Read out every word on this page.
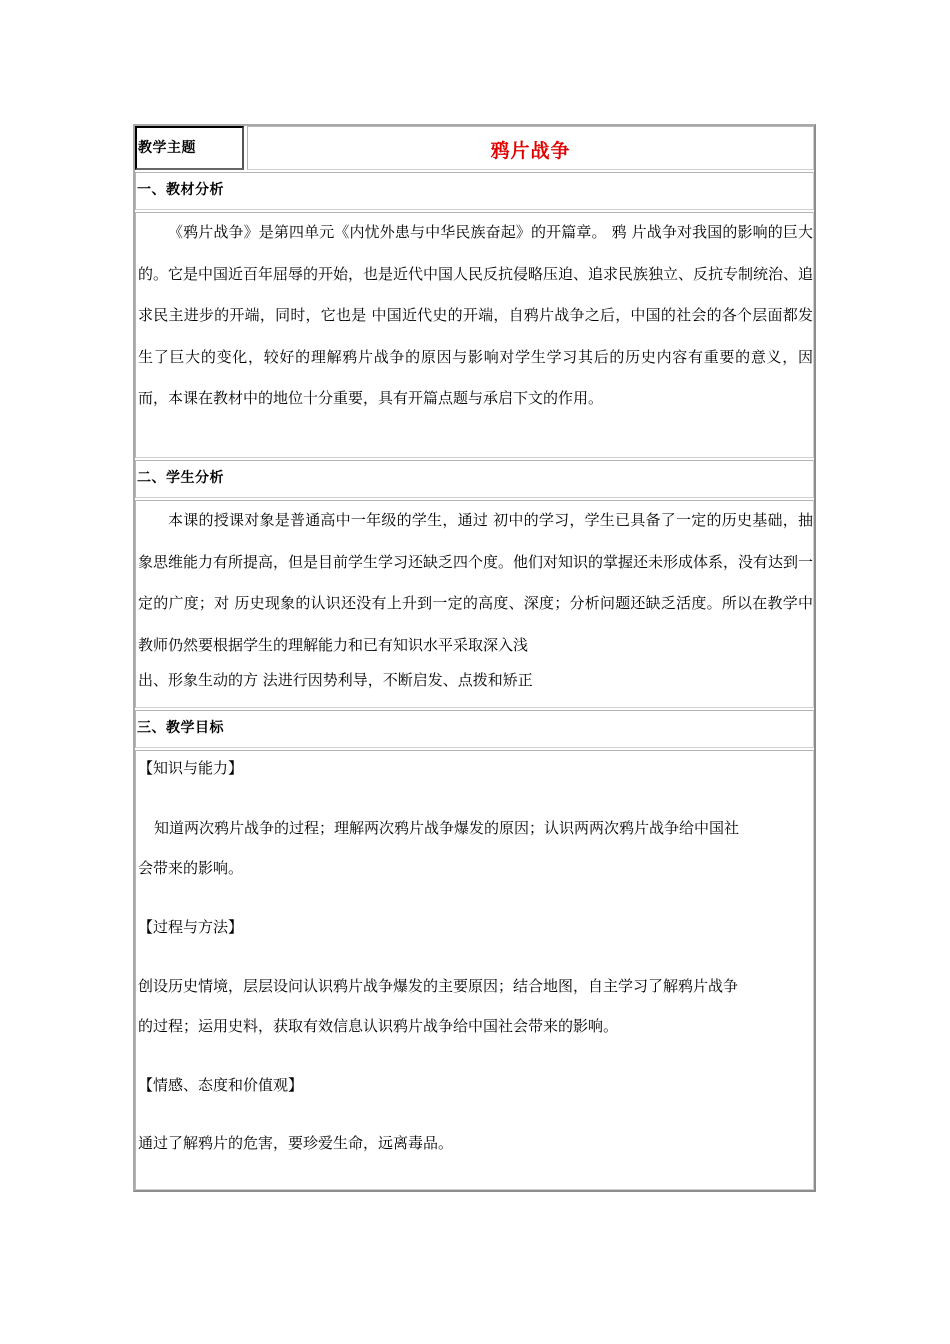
教学主题	鸦片战争
一、教材分析

《鸦片战争》是第四单元《内忧外患与中华民族奋起》的开篇章。 鸦 片战争对我国的影响的巨大的。它是中国近百年屈辱的开始，也是近代中国人民反抗侵略压迫、追求民族独立、反抗专制统治、追求民主进步的开端，同时，它也是 中国近代史的开端，自鸦片战争之后，中国的社会的各个层面都发生了巨大的变化，较好的理解鸦片战争的原因与影响对学生学习其后的历史内容有重要的意义，因 而，本课在教材中的地位十分重要，具有开篇点题与承启下文的作用。

二、学生分析

本课的授课对象是普通高中一年级的学生，通过 初中的学习，学生已具备了一定的历史基础，抽象思维能力有所提高，但是目前学生学习还缺乏四个度。他们对知识的掌握还未形成体系，没有达到一定的广度；对 历史现象的认识还没有上升到一定的高度、深度；分析问题还缺乏活度。所以在教学中教师仍然要根据学生的理解能力和已有知识水平采取深入浅

出、形象生动的方 法进行因势利导，不断启发、点拨和矫正

三、教学目标
【知识与能力】

知道两次鸦片战争的过程；理解两次鸦片战争爆发的原因；认识两两次鸦片战争给中国社

会带来的影响。

【过程与方法】

创设历史情境，层层设问认识鸦片战争爆发的主要原因；结合地图，自主学习了解鸦片战争

的过程；运用史料，获取有效信息认识鸦片战争给中国社会带来的影响。

【情感、态度和价值观】

通过了解鸦片的危害，要珍爱生命，远离毒品。
